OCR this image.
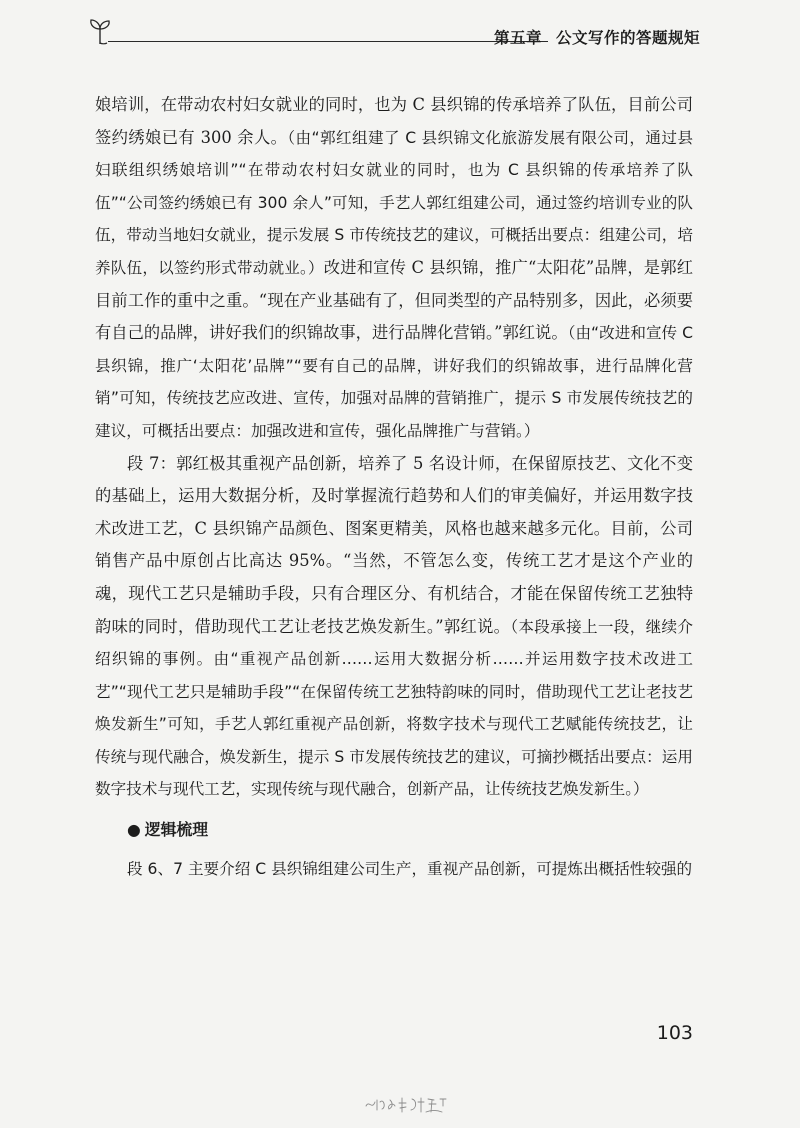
第五章 公文写作的答题规矩

娘培训，在带动农村妇女就业的同时，也为 C 县织锦的传承培养了队伍，目前公司签约绣娘已有 300 余人。（由“郭红组建了 C 县织锦文化旅游发展有限公司，通过县妇联组织绣娘培训”“在带动农村妇女就业的同时，也为 C 县织锦的传承培养了队伍”“公司签约绣娘已有 300 余人”可知，手艺人郭红组建公司，通过签约培训专业的队伍，带动当地妇女就业，提示发展 S 市传统技艺的建议，可概括出要点：组建公司，培养队伍，以签约形式带动就业。）改进和宣传 C 县织锦，推广“太阳花”品牌，是郭红目前工作的重中之重。“现在产业基础有了，但同类型的产品特别多，因此，必须要有自己的品牌，讲好我们的织锦故事，进行品牌化营销。”郭红说。（由“改进和宣传 C 县织锦，推广‘太阳花’品牌”“要有自己的品牌，讲好我们的织锦故事，进行品牌化营销”可知，传统技艺应改进、宣传，加强对品牌的营销推广，提示 S 市发展传统技艺的建议，可概括出要点：加强改进和宣传，强化品牌推广与营销。）

段 7：郭红极其重视产品创新，培养了 5 名设计师，在保留原技艺、文化不变的基础上，运用大数据分析，及时掌握流行趋势和人们的审美偏好，并运用数字技术改进工艺，C 县织锦产品颜色、图案更精美，风格也越来越多元化。目前，公司销售产品中原创占比高达 95%。“当然，不管怎么变，传统工艺才是这个产业的魂，现代工艺只是辅助手段，只有合理区分、有机结合，才能在保留传统工艺独特韵味的同时，借助现代工艺让老技艺焕发新生。”郭红说。（本段承接上一段，继续介绍织锦的事例。由“重视产品创新……运用大数据分析……并运用数字技术改进工艺”“现代工艺只是辅助手段”“在保留传统工艺独特韵味的同时，借助现代工艺让老技艺焕发新生”可知，手艺人郭红重视产品创新，将数字技术与现代工艺赋能传统技艺，让传统与现代融合，焕发新生，提示 S 市发展传统技艺的建议，可摘抄概括出要点：运用数字技术与现代工艺，实现传统与现代融合，创新产品，让传统技艺焕发新生。）

● 逻辑梳理

段 6、7 主要介绍 C 县织锦组建公司生产，重视产品创新，可提炼出概括性较强的

103
